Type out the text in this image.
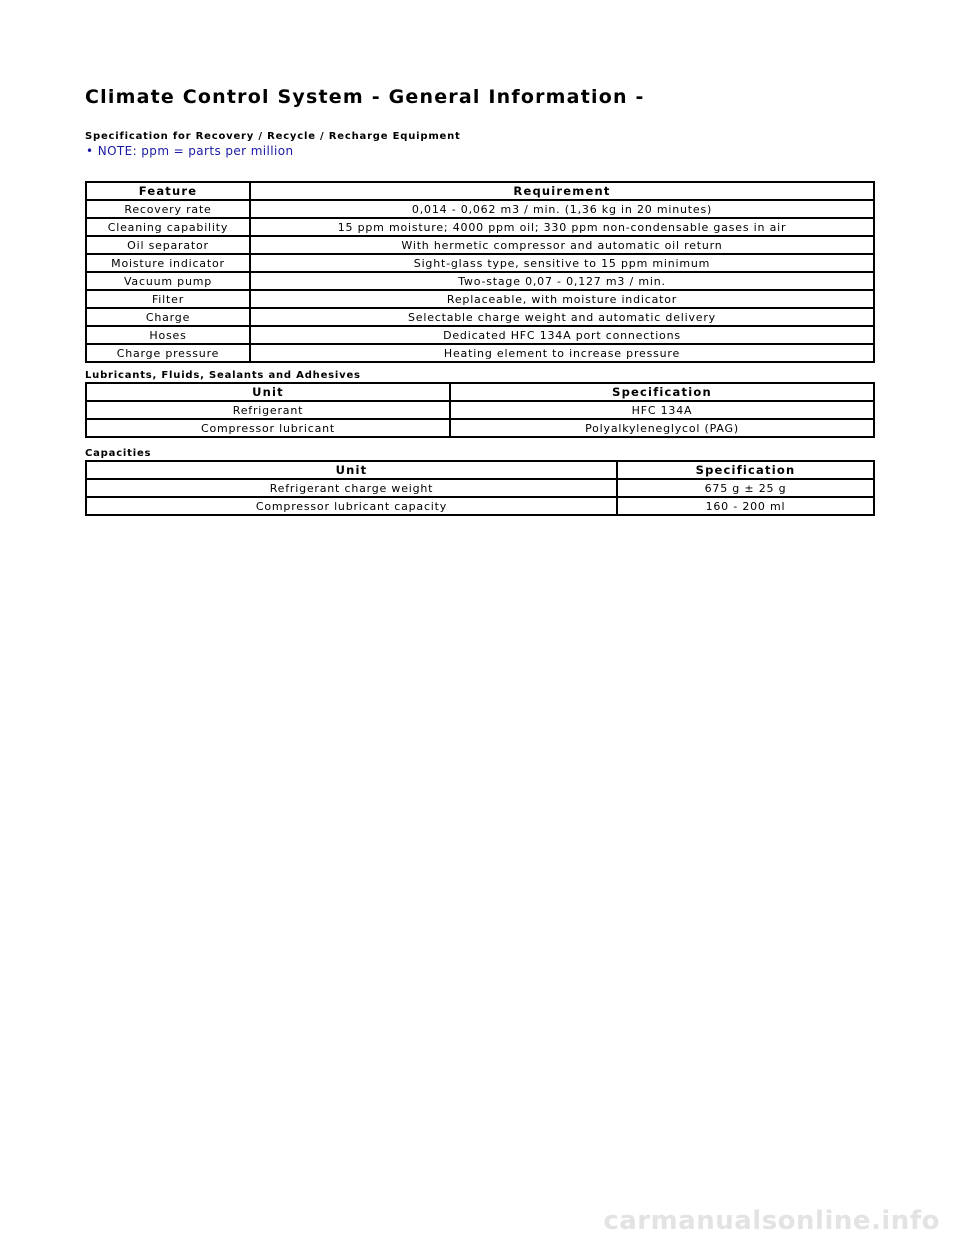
Climate Control System - General Information -
Specification for Recovery / Recycle / Recharge Equipment
• NOTE: ppm = parts per million
Feature	Requirement
Recovery rate	0,014 - 0,062 m3 / min. (1,36 kg in 20 minutes)
Cleaning capability	15 ppm moisture; 4000 ppm oil; 330 ppm non-condensable gases in air
Oil separator	With hermetic compressor and automatic oil return
Moisture indicator	Sight-glass type, sensitive to 15 ppm minimum
Vacuum pump	Two-stage 0,07 - 0,127 m3 / min.
Filter	Replaceable, with moisture indicator
Charge	Selectable charge weight and automatic delivery
Hoses	Dedicated HFC 134A port connections
Charge pressure	Heating element to increase pressure
Lubricants, Fluids, Sealants and Adhesives
Unit	Specification
Refrigerant	HFC 134A
Compressor lubricant	Polyalkyleneglycol (PAG)
Capacities
Unit	Specification
Refrigerant charge weight	675 g ± 25 g
Compressor lubricant capacity	160 - 200 ml
carmanualsonline.info
